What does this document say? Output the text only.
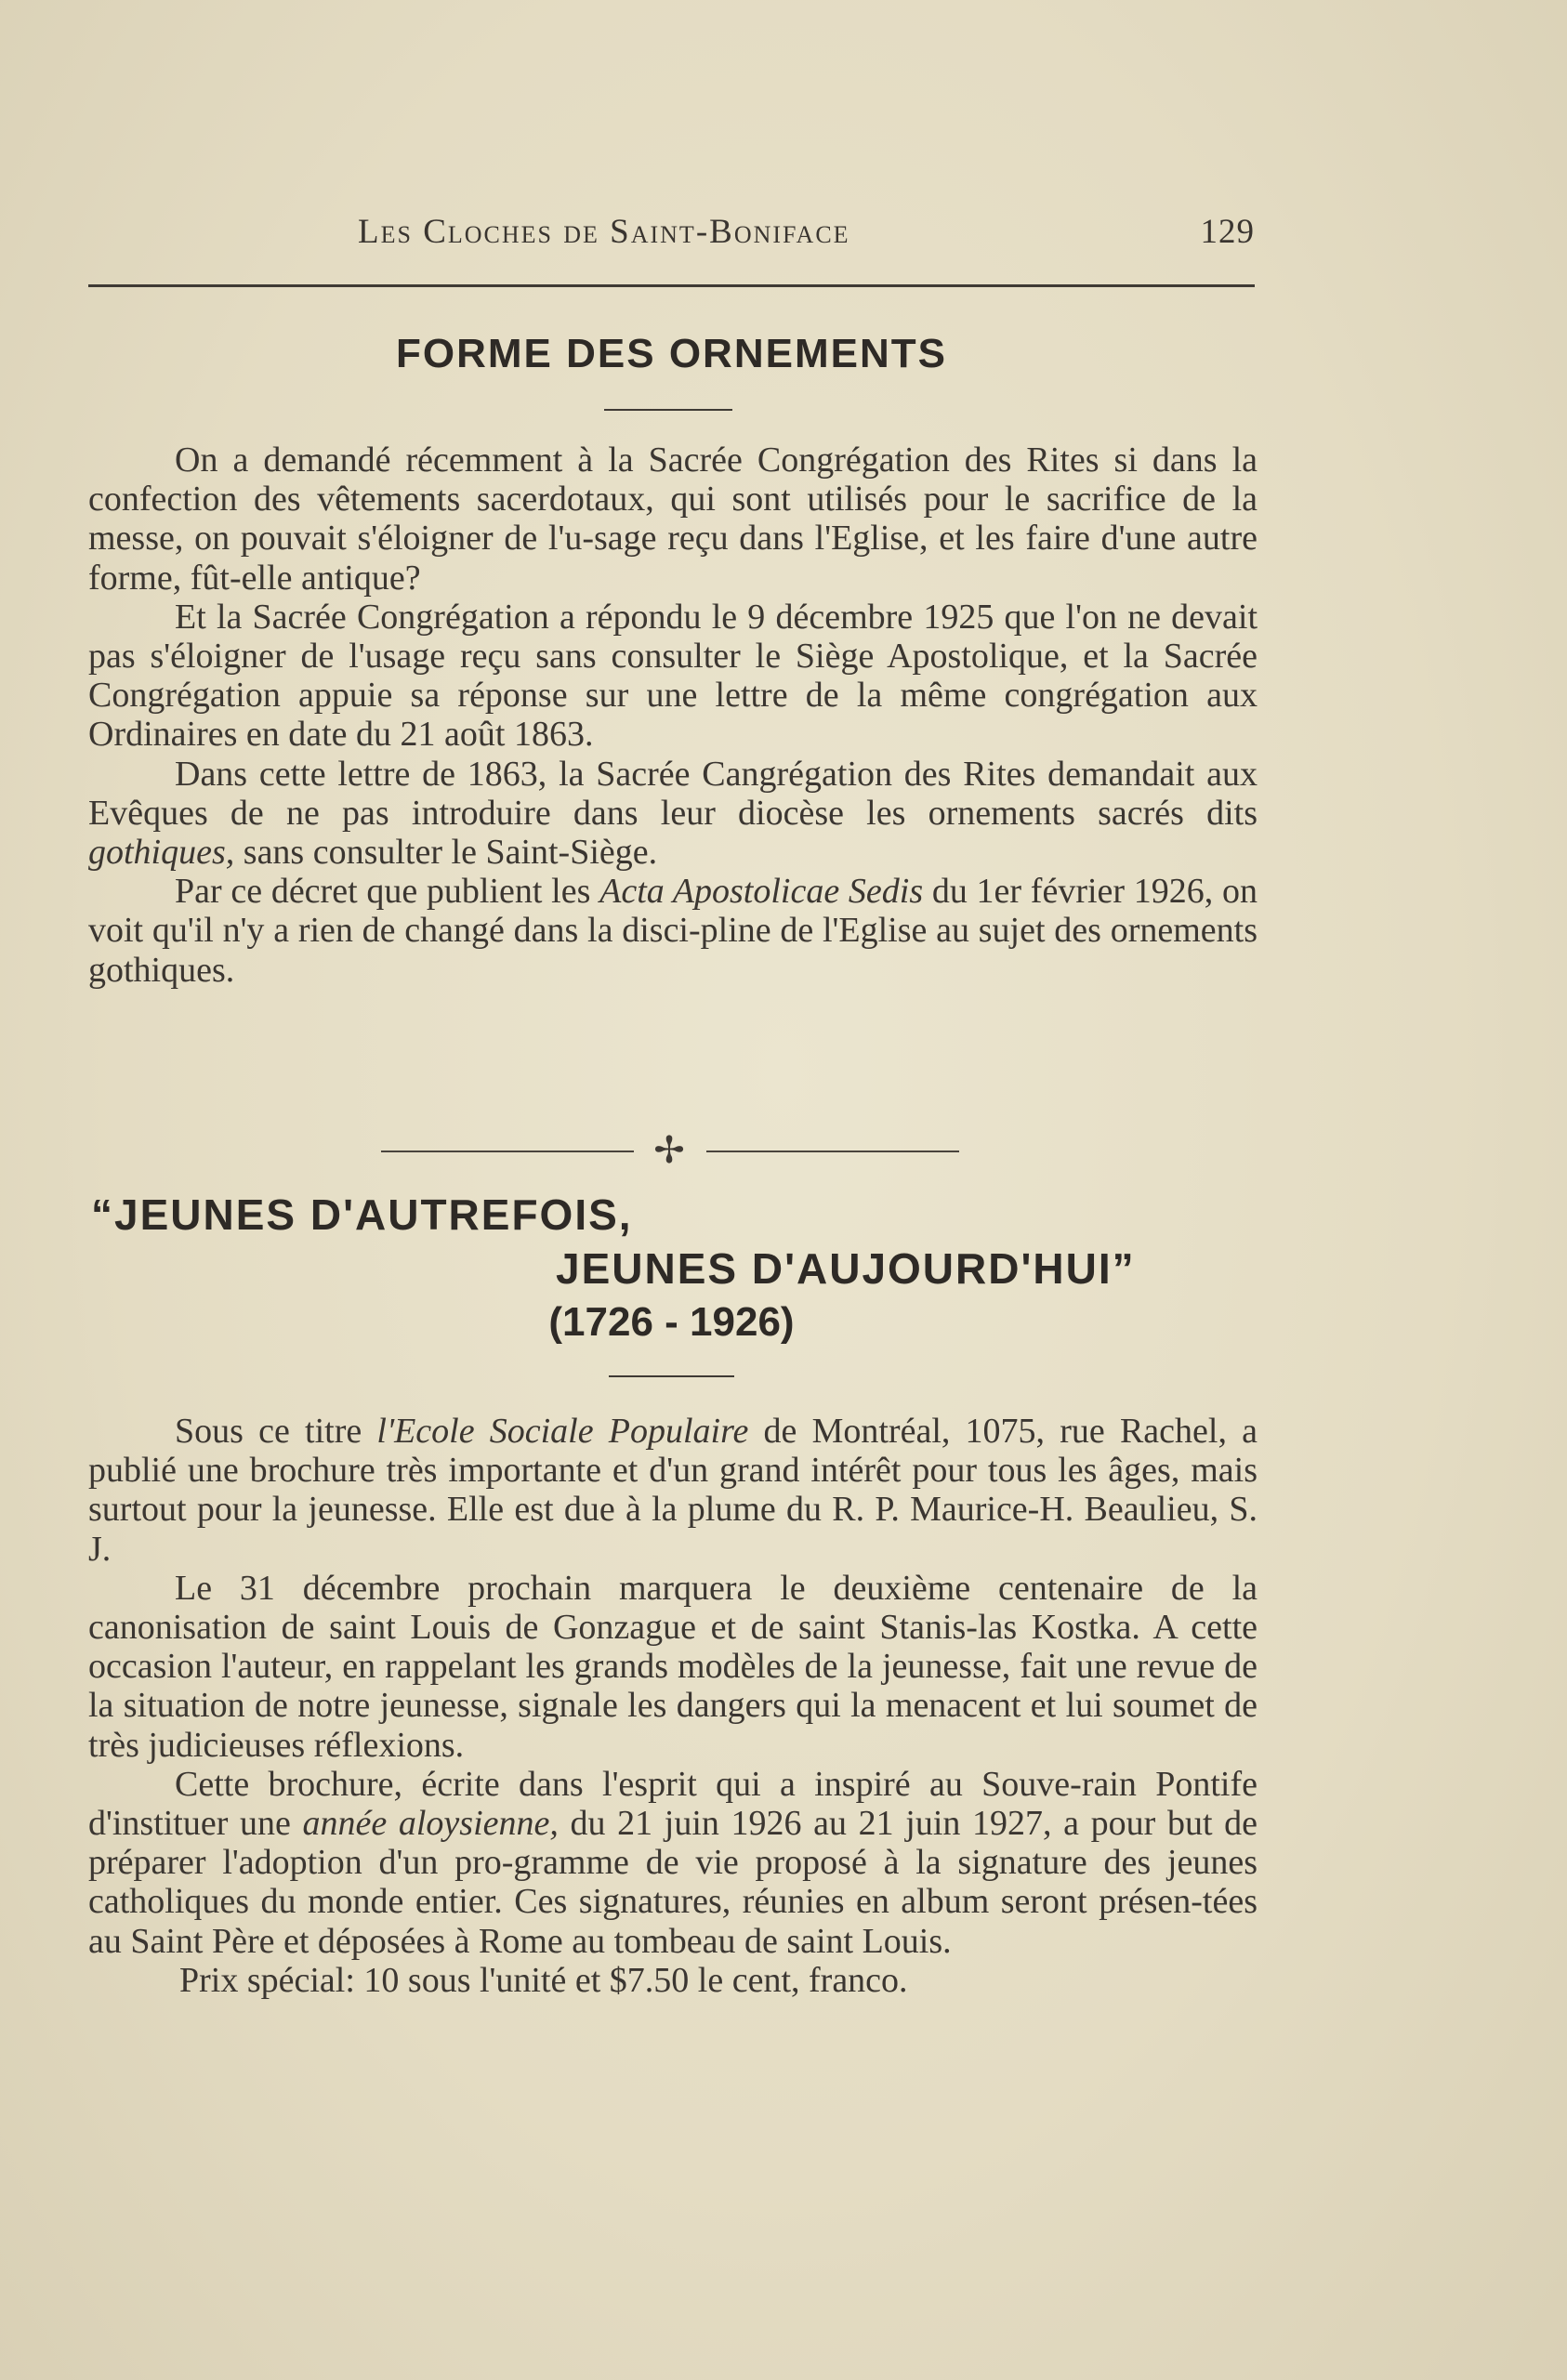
Les Cloches de Saint-Boniface	129
FORME DES ORNEMENTS

On a demandé récemment à la Sacrée Congrégation des Rites si dans la confection des vêtements sacerdotaux, qui sont utilisés pour le sacrifice de la messe, on pouvait s'éloigner de l'u-sage reçu dans l'Eglise, et les faire d'une autre forme, fût-elle antique?

Et la Sacrée Congrégation a répondu le 9 décembre 1925 que l'on ne devait pas s'éloigner de l'usage reçu sans consulter le Siège Apostolique, et la Sacrée Congrégation appuie sa réponse sur une lettre de la même congrégation aux Ordinaires en date du 21 août 1863.

Dans cette lettre de 1863, la Sacrée Cangrégation des Rites demandait aux Evêques de ne pas introduire dans leur diocèse les ornements sacrés dits gothiques, sans consulter le Saint-Siège.

Par ce décret que publient les Acta Apostolicae Sedis du 1er février 1926, on voit qu'il n'y a rien de changé dans la disci-pline de l'Eglise au sujet des ornements gothiques.

✢
“JEUNES D'AUTREFOIS,
JEUNES D'AUJOURD'HUI”
(1726 - 1926)

Sous ce titre l'Ecole Sociale Populaire de Montréal, 1075, rue Rachel, a publié une brochure très importante et d'un grand intérêt pour tous les âges, mais surtout pour la jeunesse. Elle est due à la plume du R. P. Maurice-H. Beaulieu, S. J.

Le 31 décembre prochain marquera le deuxième centenaire de la canonisation de saint Louis de Gonzague et de saint Stanis-las Kostka. A cette occasion l'auteur, en rappelant les grands modèles de la jeunesse, fait une revue de la situation de notre jeunesse, signale les dangers qui la menacent et lui soumet de très judicieuses réflexions.

Cette brochure, écrite dans l'esprit qui a inspiré au Souve-rain Pontife d'instituer une année aloysienne, du 21 juin 1926 au 21 juin 1927, a pour but de préparer l'adoption d'un pro-gramme de vie proposé à la signature des jeunes catholiques du monde entier. Ces signatures, réunies en album seront présen-tées au Saint Père et déposées à Rome au tombeau de saint Louis.

Prix spécial: 10 sous l'unité et $7.50 le cent, franco.
